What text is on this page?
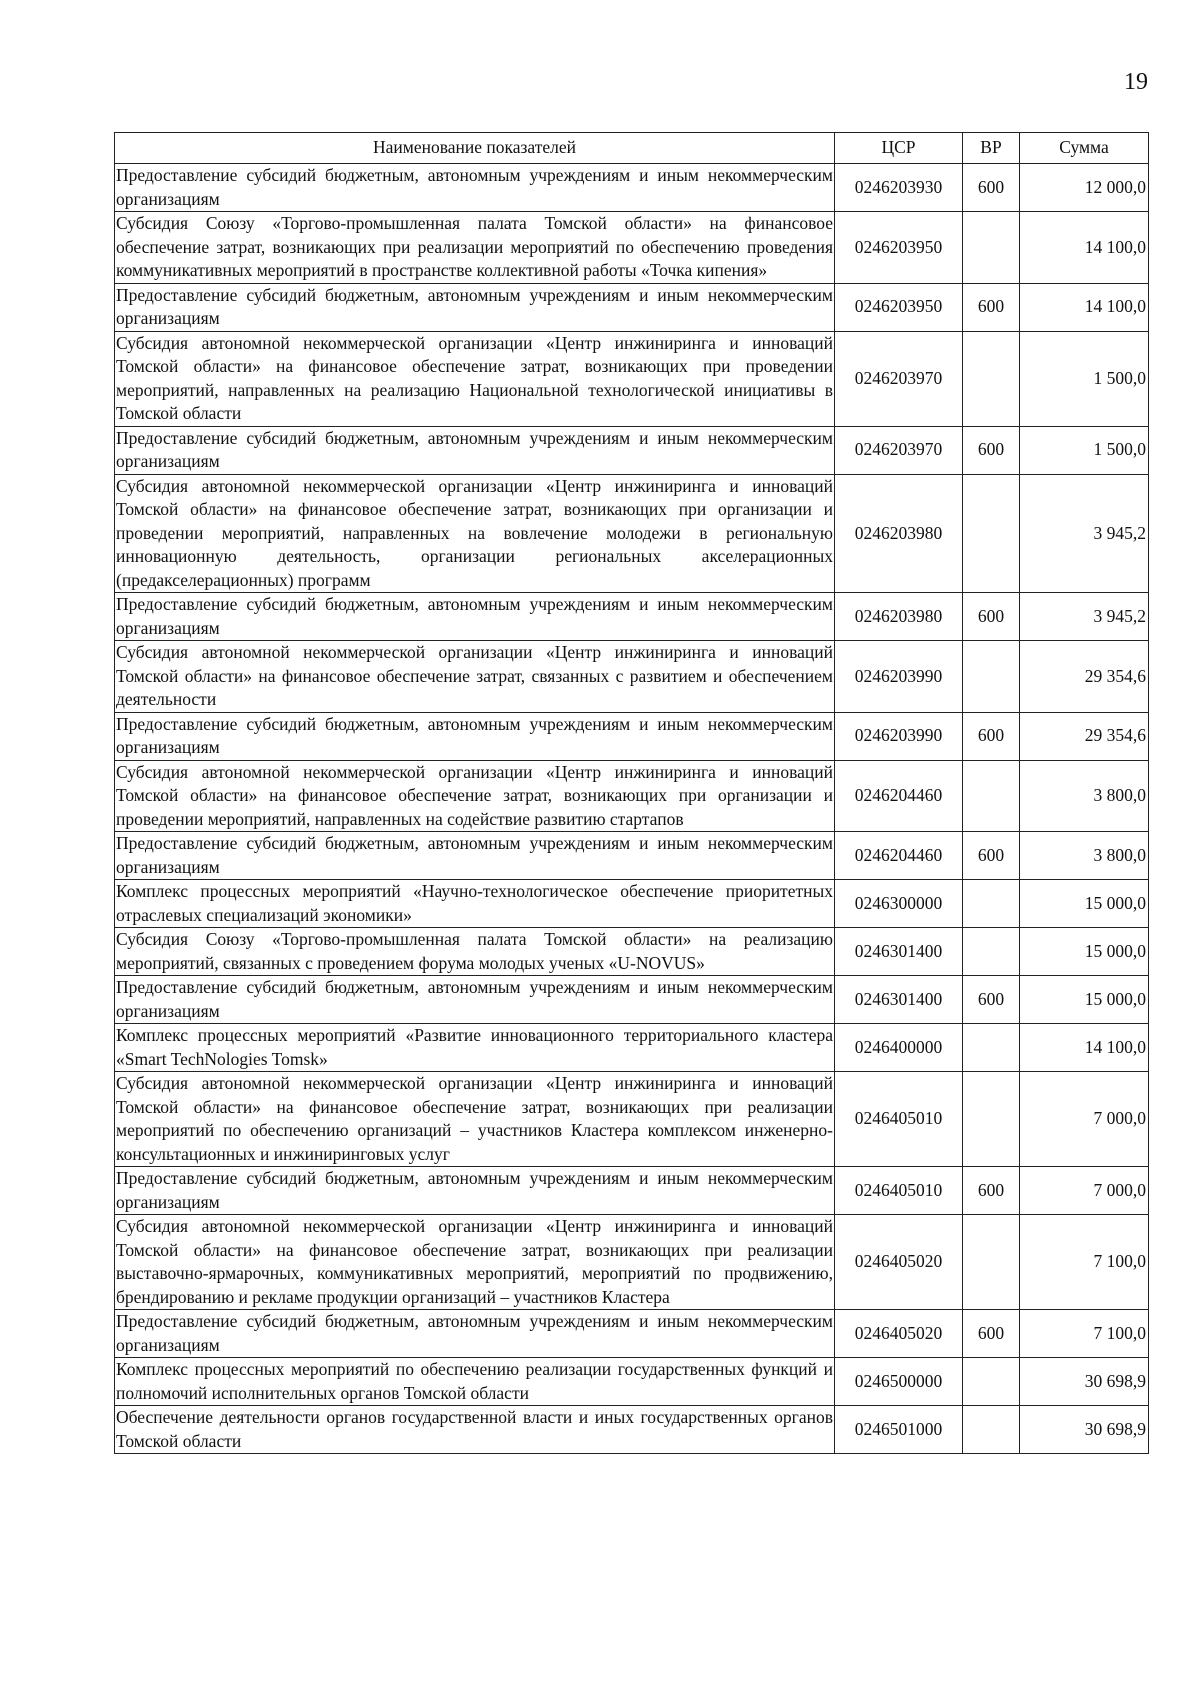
19
Наименование показателей	ЦСР	ВР	Сумма
Предоставление субсидий бюджетным, автономным учреждениям и иным некоммерческим организациям	0246203930	600	12 000,0
Субсидия Союзу «Торгово-промышленная палата Томской области» на финансовое обеспечение затрат, возникающих при реализации мероприятий по обеспечению проведения коммуникативных мероприятий в пространстве коллективной работы «Точка кипения»	0246203950		14 100,0
Предоставление субсидий бюджетным, автономным учреждениям и иным некоммерческим организациям	0246203950	600	14 100,0
Субсидия автономной некоммерческой организации «Центр инжиниринга и инноваций Томской области» на финансовое обеспечение затрат, возникающих при проведении мероприятий, направленных на реализацию Национальной технологической инициативы в Томской области	0246203970		1 500,0
Предоставление субсидий бюджетным, автономным учреждениям и иным некоммерческим организациям	0246203970	600	1 500,0
Субсидия автономной некоммерческой организации «Центр инжиниринга и инноваций Томской области» на финансовое обеспечение затрат, возникающих при организации и проведении мероприятий, направленных на вовлечение молодежи в региональную инновационную деятельность, организации региональных акселерационных (предакселерационных) программ	0246203980		3 945,2
Предоставление субсидий бюджетным, автономным учреждениям и иным некоммерческим организациям	0246203980	600	3 945,2
Субсидия автономной некоммерческой организации «Центр инжиниринга и инноваций Томской области» на финансовое обеспечение затрат, связанных с развитием и обеспечением деятельности	0246203990		29 354,6
Предоставление субсидий бюджетным, автономным учреждениям и иным некоммерческим организациям	0246203990	600	29 354,6
Субсидия автономной некоммерческой организации «Центр инжиниринга и инноваций Томской области» на финансовое обеспечение затрат, возникающих при организации и проведении мероприятий, направленных на содействие развитию стартапов	0246204460		3 800,0
Предоставление субсидий бюджетным, автономным учреждениям и иным некоммерческим организациям	0246204460	600	3 800,0
Комплекс процессных мероприятий «Научно-технологическое обеспечение приоритетных отраслевых специализаций экономики»	0246300000		15 000,0
Субсидия Союзу «Торгово-промышленная палата Томской области» на реализацию мероприятий, связанных с проведением форума молодых ученых «U-NOVUS»	0246301400		15 000,0
Предоставление субсидий бюджетным, автономным учреждениям и иным некоммерческим организациям	0246301400	600	15 000,0
Комплекс процессных мероприятий «Развитие инновационного территориального кластера «Smart TechNologies Tomsk»	0246400000		14 100,0
Субсидия автономной некоммерческой организации «Центр инжиниринга и инноваций Томской области» на финансовое обеспечение затрат, возникающих при реализации мероприятий по обеспечению организаций – участников Кластера комплексом инженерно-консультационных и инжиниринговых услуг	0246405010		7 000,0
Предоставление субсидий бюджетным, автономным учреждениям и иным некоммерческим организациям	0246405010	600	7 000,0
Субсидия автономной некоммерческой организации «Центр инжиниринга и инноваций Томской области» на финансовое обеспечение затрат, возникающих при реализации выставочно-ярмарочных, коммуникативных мероприятий, мероприятий по продвижению, брендированию и рекламе продукции организаций – участников Кластера	0246405020		7 100,0
Предоставление субсидий бюджетным, автономным учреждениям и иным некоммерческим организациям	0246405020	600	7 100,0
Комплекс процессных мероприятий по обеспечению реализации государственных функций и полномочий исполнительных органов Томской области	0246500000		30 698,9
Обеспечение деятельности органов государственной власти и иных государственных органов Томской области	0246501000		30 698,9
